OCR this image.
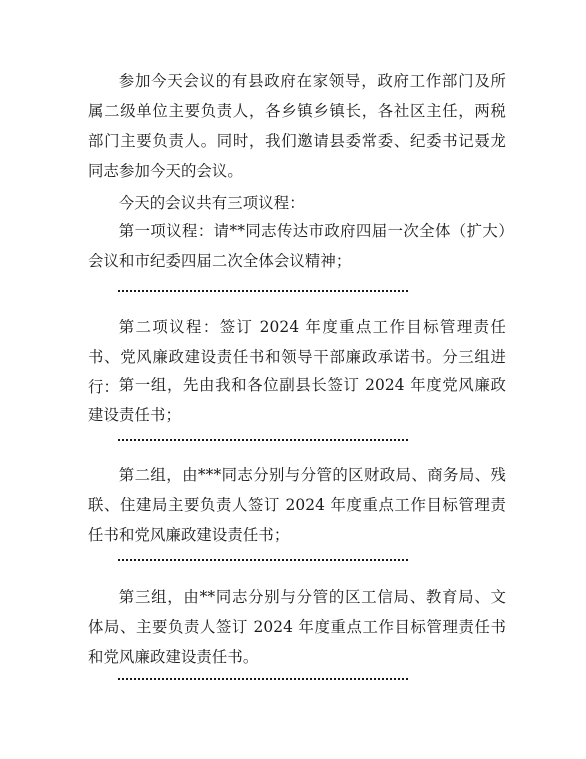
参加今天会议的有县政府在家领导，政府工作部门及所属二级单位主要负责人，各乡镇乡镇长，各社区主任，两税部门主要负责人。同时，我们邀请县委常委、纪委书记聂龙同志参加今天的会议。

今天的会议共有三项议程：

第一项议程：请**同志传达市政府四届一次全体（扩大）会议和市纪委四届二次全体会议精神；

第二项议程：签订 2024 年度重点工作目标管理责任书、党风廉政建设责任书和领导干部廉政承诺书。分三组进行： 第一组，先由我和各位副县长签订 2024 年度党风廉政建设责任书；

第二组，由***同志分别与分管的区财政局、商务局、残联、住建局主要负责人签订 2024 年度重点工作目标管理责任书和党风廉政建设责任书；

第三组，由**同志分别与分管的区工信局、教育局、文体局、主要负责人签订 2024 年度重点工作目标管理责任书和党风廉政建设责任书。
